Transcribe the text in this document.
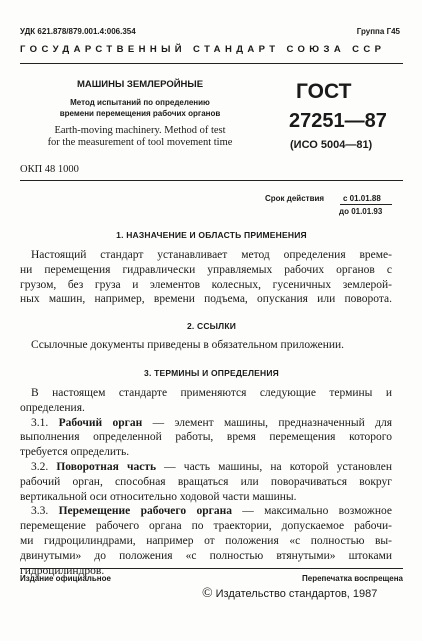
УДК 621.878/879.001.4:006.354	Группа Г45
ГОСУДАРСТВЕННЫЙ СТАНДАРТ СОЮЗА ССР
МАШИНЫ ЗЕМЛЕРОЙНЫЕ
Метод испытаний по определению
времени перемещения рабочих органов
Earth-moving machinery. Method of test
for the measurement of tool movement time
ГОСТ
27251—87
(ИСО 5004—81)
ОКП 48 1000
Срок действия с 01.01.88
до 01.01.93
1. НАЗНАЧЕНИЕ И ОБЛАСТЬ ПРИМЕНЕНИЯ
Настоящий стандарт устанавливает метод определения време-
ни перемещения гидравлически управляемых рабочих органов с
грузом, без груза и элементов колесных, гусеничных землерой-
ных машин, например, времени подъема, опускания или поворота.
2. ССЫЛКИ
Ссылочные документы приведены в обязательном приложении.
3. ТЕРМИНЫ И ОПРЕДЕЛЕНИЯ
В настоящем стандарте применяются следующие термины и
определения.
3.1. Рабочий орган — элемент машины, предназначенный для
выполнения определенной работы, время перемещения которого
требуется определить.
3.2. Поворотная часть — часть машины, на которой установлен
рабочий орган, способная вращаться или поворачиваться вокруг
вертикальной оси относительно ходовой части машины.
3.3. Перемещение рабочего органа — максимально возможное
перемещение рабочего органа по траектории, допускаемое рабочи-
ми гидроцилиндрами, например от положения «с полностью вы-
двинутыми» до положения «с полностью втянутыми» штоками
гидроцилиндров.
Издание официальное	Перепечатка воспрещена
© Издательство стандартов, 1987
